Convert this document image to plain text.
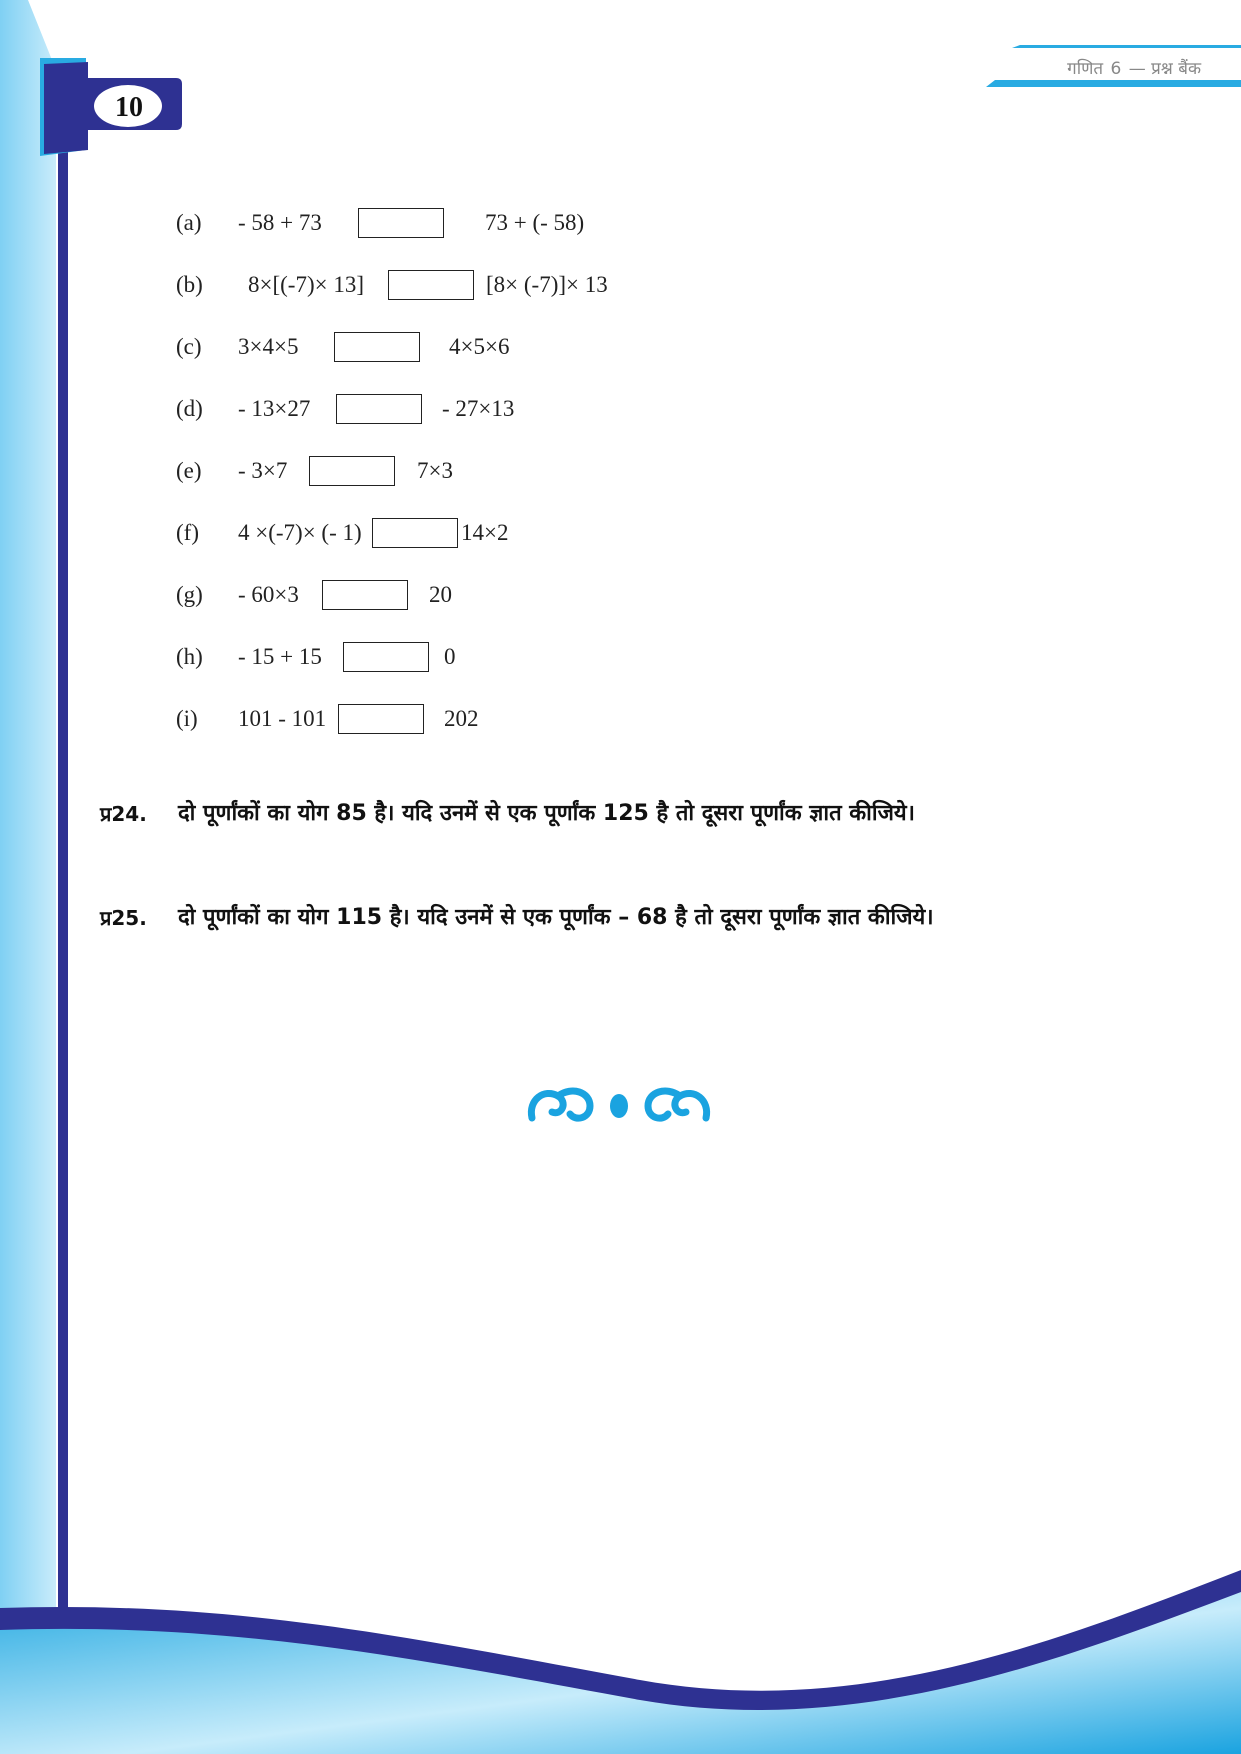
10
गणित 6 — प्रश्न बैंक
(a) - 58 + 73	73 + (- 58)
(b) 8×[(-7)× 13]	[8× (-7)]× 13
(c) 3×4×5	4×5×6
(d) - 13×27	- 27×13
(e) - 3×7	7×3
(f) 4 ×(-7)× (- 1)	14×2
(g) - 60×3	20
(h) - 15 + 15	0
(i) 101 - 101	202
प्र24. दो पूर्णांकों का योग 85 है। यदि उनमें से एक पूर्णांक 125 है तो दूसरा पूर्णांक ज्ञात कीजिये।
प्र25. दो पूर्णांकों का योग 115 है। यदि उनमें से एक पूर्णांक – 68 है तो दूसरा पूर्णांक ज्ञात कीजिये।
